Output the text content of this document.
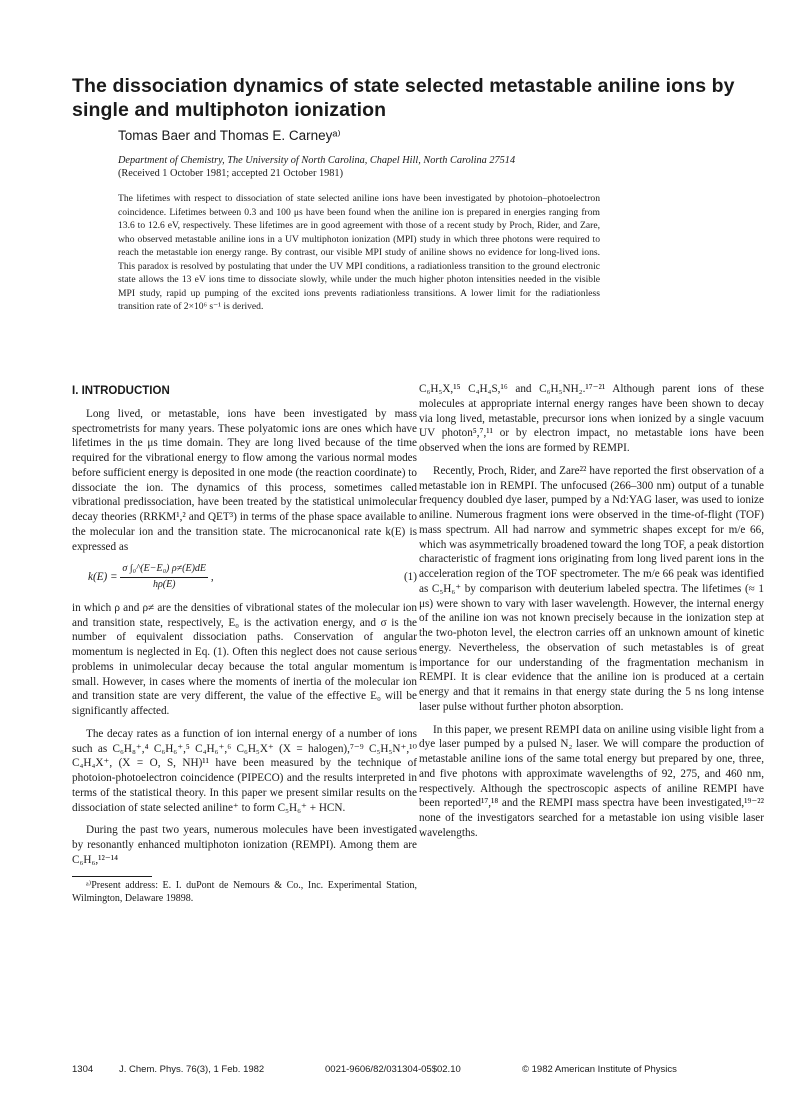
The dissociation dynamics of state selected metastable aniline ions by single and multiphoton ionization
Tomas Baer and Thomas E. Carneyᵃ⁾
Department of Chemistry, The University of North Carolina, Chapel Hill, North Carolina 27514
(Received 1 October 1981; accepted 21 October 1981)

The lifetimes with respect to dissociation of state selected aniline ions have been investigated by photoion–photoelectron coincidence. Lifetimes between 0.3 and 100 μs have been found when the aniline ion is prepared in energies ranging from 13.6 to 12.6 eV, respectively. These lifetimes are in good agreement with those of a recent study by Proch, Rider, and Zare, who observed metastable aniline ions in a UV multiphoton ionization (MPI) study in which three photons were required to reach the metastable ion energy range. By contrast, our visible MPI study of aniline shows no evidence for long-lived ions. This paradox is resolved by postulating that under the UV MPI conditions, a radiationless transition to the ground electronic state allows the 13 eV ions time to dissociate slowly, while under the much higher photon intensities needed in the visible MPI study, rapid up pumping of the excited ions prevents radiationless transitions. A lower limit for the radiationless transition rate of 2×10⁶ s⁻¹ is derived.

I. INTRODUCTION

Long lived, or metastable, ions have been investigated by mass spectrometrists for many years. These polyatomic ions are ones which have lifetimes in the μs time domain. They are long lived because of the time required for the vibrational energy to flow among the various normal modes before sufficient energy is deposited in one mode (the reaction coordinate) to dissociate the ion. The dynamics of this process, sometimes called vibrational predissociation, have been treated by the statistical unimolecular decay theories (RRKM¹,² and QET³) in terms of the phase space available to the molecular ion and the transition state. The microcanonical rate k(E) is expressed as

$k(E) = \frac{\text{σ ∫₀\textasciicircum{}(E−E₀) ρ≠(E)dE}}{h\rho(E)}$ ,	(1)

in which ρ and ρ≠ are the densities of vibrational states of the molecular ion and transition state, respectively, E₀ is the activation energy, and σ is the number of equivalent dissociation paths. Conservation of angular momentum is neglected in Eq. (1). Often this neglect does not cause serious problems in unimolecular decay because the total angular momentum is small. However, in cases where the moments of inertia of the molecular ion and transition state are very different, the value of the effective E₀ will be significantly affected.

The decay rates as a function of ion internal energy of a number of ions such as C₆H₈⁺,⁴ C₆H₆⁺,⁵ C₄H₆⁺,⁶ C₆H₅X⁺ (X = halogen),⁷⁻⁹ C₅H₅N⁺,¹⁰ C₄H₄X⁺, (X = O, S, NH)¹¹ have been measured by the technique of photoion-photoelectron coincidence (PIPECO) and the results interpreted in terms of the statistical theory. In this paper we present similar results on the dissociation of state selected aniline⁺ to form C₅H₆⁺ + HCN.

During the past two years, numerous molecules have been investigated by resonantly enhanced multiphoton ionization (REMPI). Among them are C₆H₆,¹²⁻¹⁴

ᵃ⁾Present address: E. I. duPont de Nemours & Co., Inc. Experimental Station, Wilmington, Delaware 19898.

C₆H₅X,¹⁵ C₄H₄S,¹⁶ and C₆H₅NH₂.¹⁷⁻²¹ Although parent ions of these molecules at appropriate internal energy ranges have been shown to decay via long lived, metastable, precursor ions when ionized by a single vacuum UV photon⁵,⁷,¹¹ or by electron impact, no metastable ions have been observed when the ions are formed by REMPI.

Recently, Proch, Rider, and Zare²² have reported the first observation of a metastable ion in REMPI. The unfocused (266–300 nm) output of a tunable frequency doubled dye laser, pumped by a Nd:YAG laser, was used to ionize aniline. Numerous fragment ions were observed in the time-of-flight (TOF) mass spectrum. All had narrow and symmetric shapes except for m/e 66, which was asymmetrically broadened toward the long TOF, a peak distortion characteristic of fragment ions originating from long lived parent ions in the acceleration region of the TOF spectrometer. The m/e 66 peak was identified as C₅H₆⁺ by comparison with deuterium labeled spectra. The lifetimes (≈ 1 μs) were shown to vary with laser wavelength. However, the internal energy of the aniline ion was not known precisely because in the ionization step at the two-photon level, the electron carries off an unknown amount of kinetic energy. Nevertheless, the observation of such metastables is of great importance for our understanding of the fragmentation mechanism in REMPI. It is clear evidence that the aniline ion is produced at a certain energy and that it remains in that energy state during the 5 ns long intense laser pulse without further photon absorption.

In this paper, we present REMPI data on aniline using visible light from a dye laser pumped by a pulsed N₂ laser. We will compare the production of metastable aniline ions of the same total energy but prepared by one, three, and five photons with approximate wavelengths of 92, 275, and 460 nm, respectively. Although the spectroscopic aspects of aniline REMPI have been reported¹⁷,¹⁸ and the REMPI mass spectra have been investigated,¹⁹⁻²² none of the investigators searched for a metastable ion using visible laser wavelengths.

1304	J. Chem. Phys. 76(3), 1 Feb. 1982	0021-9606/82/031304-05$02.10	© 1982 American Institute of Physics
